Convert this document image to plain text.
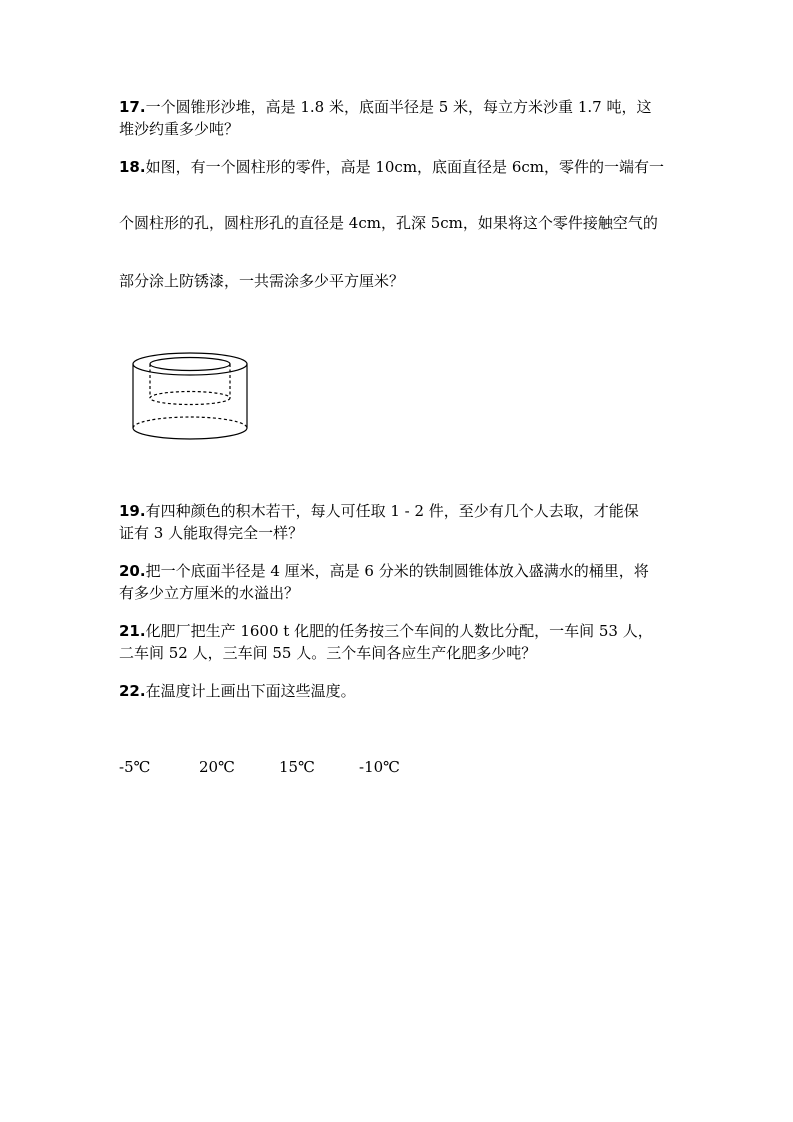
17.一个圆锥形沙堆，高是 1.8 米，底面半径是 5 米，每立方米沙重 1.7 吨，这
堆沙约重多少吨？
18.如图，有一个圆柱形的零件，高是 10cm，底面直径是 6cm，零件的一端有一
个圆柱形的孔，圆柱形孔的直径是 4cm，孔深 5cm，如果将这个零件接触空气的
部分涂上防锈漆，一共需涂多少平方厘米？
19.有四种颜色的积木若干，每人可任取 1 - 2 件，至少有几个人去取，才能保
证有 3 人能取得完全一样？
20.把一个底面半径是 4 厘米，高是 6 分米的铁制圆锥体放入盛满水的桶里，将
有多少立方厘米的水溢出？
21.化肥厂把生产 1600 t 化肥的任务按三个车间的人数比分配，一车间 53 人，
二车间 52 人，三车间 55 人。三个车间各应生产化肥多少吨？
22.在温度计上画出下面这些温度。
-5℃	20℃	15℃	-10℃
